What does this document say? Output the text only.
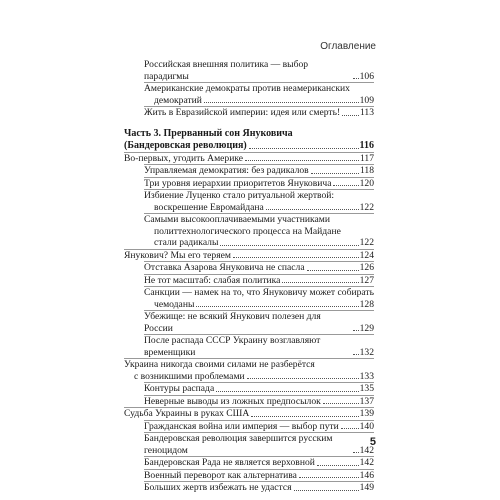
Оглавление
Российская внешняя политика — выбор парадигмы	106
Американские демократы против неамериканских
демократий	109
Жить в Евразийской империи: идея или смерть! 113
Часть 3. Прерванный сон Януковича
(Бандеровская революция)	116
Во-первых, угодить Америке	117
Управляемая демократия: без радикалов	118
Три уровня иерархии приоритетов Януковича	120
Избиение Луценко стало ритуальной жертвой:
воскрешение Евромайдана	122
Самыми высокооплачиваемыми участниками
политтехнологического процесса на Майдане
стали радикалы	122
Янукович? Мы его теряем	124
Отставка Азарова Януковича не спасла	126
Не тот масштаб: слабая политика	127
Санкции — намек на то, что Януковичу может собирать
чемоданы	128
Убежище: не всякий Янукович полезен для России	129
После распада СССР Украину возглавляют временщики	132
Украина никогда своими силами не разберётся
с возникшими проблемами	133
Контуры распада	135
Неверные выводы из ложных предпосылок	137
Судьба Украины в руках США	139
Гражданская война или империя — выбор пути 140
Бандеровская революция завершится русским геноцидом	142
Бандеровская Рада не является верховной	142
Военный переворот как альтернатива	146
Больших жертв избежать не удастся	149
5
